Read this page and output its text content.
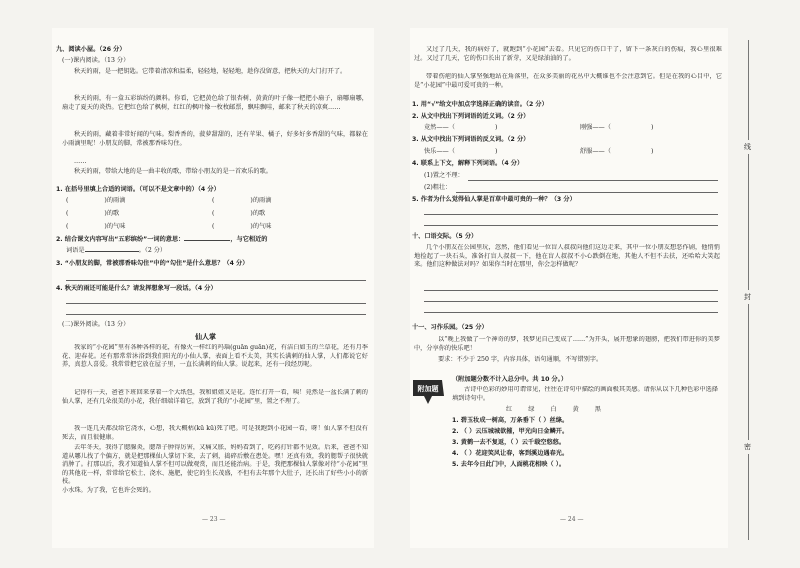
九、阅读小屋。（26 分）
(一)课内阅读。（13 分）
秋天的雨，是一把钥匙。它带着清凉和温柔，轻轻地，轻轻地，趁你没留意，把秋天的大门打开了。
秋天的雨，有一盒五彩缤纷的颜料。你看，它把黄色给了银杏树，黄黄的叶子像一把把小扇子，扇哪扇哪，扇走了夏天的炎热。它把红色给了枫树，红红的枫叶像一枚枚邮票，飘哇飘哇，邮来了秋天的凉爽……
秋天的雨，藏着非常好闻的气味。梨香香的，菠萝甜甜的，还有苹果、橘子，好多好多香甜的气味，都躲在小雨滴里呢！小朋友的脚，常被那香味勾住。
……
秋天的雨，带给大地的是一曲丰收的歌，带给小朋友的是一首欢乐的歌。
1. 在括号里填上合适的词语。（可以不是文章中的）（4 分）
(	)的雨滴	(	)的雨滴
(	)的歌	(	)的歌
(	)的气味	(	)的气味
2. 结合课文内容写出“五彩缤纷”一词的意思：	，与它相近的
词语是	。（2 分）
3. “小朋友的脚，常被那香味勾住”中的“勾住”是什么意思？（4 分）
4. 秋天的雨还可能是什么？请发挥想象写一段话。（4 分）
(二)课外阅读。（13 分）
仙人掌
我家的“小花园”里有各种各样的花，有像火一样红的玛瑙(guān guān)花，有洁白如玉的兰草花，还有月季花、迎春花。还有那常常沐浴到我们阳光的小仙人掌，表面上看不太美，其实长满刺的仙人掌，人们都说它好养，真惹人喜爱。我常常把它放在屋子里，一直长满刺的仙人掌。说起来，还有一段经历呢。
记得有一天，爸爸下班回来拿着一个大纸包，我和姐姐又是花。连忙打开一看，咦！竟然是一盆长满了刺的仙人掌，还有几朵很美的小花，我仔细端详着它，放到了我的“小花园”里，置之不理了。
我一连几天都没给它浇水，心想，我大概枯(kū kū)死了吧。可是我跑到小花园一看，呀！仙人掌不但没有死去，而且很健康。
去年冬天，我得了腮腺炎，腮帮子肿得厉害，又痛又胀，妈妈看到了，吃药打针都不见效。后来，爸爸不知道从哪儿找了个偏方，就是把那棵仙人掌切下来，去了刺，捣碎后敷在患处。嘿！还真有效，我的腮帮子很快就消肿了。打那以后，我才知道仙人掌不但可以做观赏，而且还能治病。于是，我把那棵仙人掌像对待“小花园”里的其他花一样，常常给它松土、浇水、施肥，使它的生长茂盛，不但有去年那个大肚子，还长出了好些小小的新枝。
小水珠。为了我，它也许会死的。
— 23 —
又过了几天，我的病好了，就跑到“小花园”去看。只见它的伤口干了，留下一条灰白的伤痕，我心里很难过。又过了几天，它的伤口长出了新芽，又是绿油油的了。
带着伤疤的仙人掌坚强地站在角落里，在众多美丽的花丛中大概谁也不会注意到它。但是在我的心目中，它是“小花园”中最可爱可贵的一种。
1. 用“√”给文中加点字选择正确的读音。（2 分）
2. 从文中找出下列词语的近义词。（2 分）
竟然——（	)	刚强——（	)
3. 从文中找出下列词语的反义词。（2 分）
快乐——（	)	舒服——（	)
4. 联系上下文，解释下列词语。（4 分）
(1)置之不理：
(2)粗壮：
5. 作者为什么觉得仙人掌是百草中最可贵的一种？（3 分）
十、口语交际。（5 分）
几个小朋友在公园里玩，忽然，他们看见一位盲人叔叔向他们这边走来，其中一位小朋友想恶作剧，他悄悄地捡起了一块石头，准备打盲人叔叔一下，他在盲人叔叔不小心跌倒在地，其他人不但不去扶，还哈哈大笑起来。他们这种做法对吗？如果你当时在那里，你会怎样做呢？
十一、习作乐园。（25 分）
以“晚上我做了一个神奇的梦，我梦见自己变成了……”为开头，展开想象的翅膀，把我们带进你的美梦中，分享你的快乐吧！
要求：不少于 250 字，内容具体，语句通顺，不写错别字。
附加题
（附加题分数不计入总分中。共 10 分。）
古诗中色彩的妙用可谓常见，往往在诗句中描绘的画面极其美感。请你从以下几种色彩中选择填到诗句中。
红	绿	白	黄	黑
1. 碧玉妆成一树高，万条垂下（ ）丝绦。
2. （ ）云压城城欲摧，甲光向日金鳞开。
3. 黄鹤一去不复返，（ ）云千载空悠悠。
4. （ ）花迎笑风让春，客到溪边遇春光。
5. 去年今日此门中，人面桃花相映（ ）。
— 24 —
线
封
密
